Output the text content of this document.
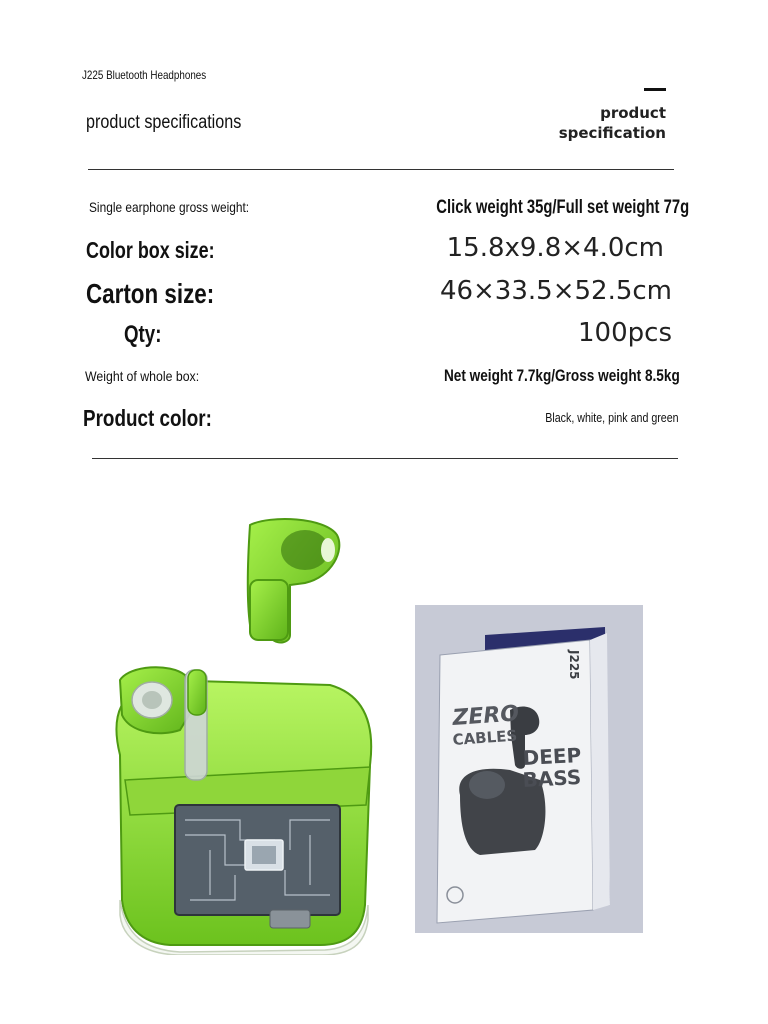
J225 Bluetooth Headphones
product specifications	product
specification
Single earphone gross weight:	Click weight 35g/Full set weight 77g
Color box size:	15.8x9.8×4.0cm
Carton size:	46×33.5×52.5cm
Qty:	100pcs
Weight of whole box:	Net weight 7.7kg/Gross weight 8.5kg
Product color:	Black, white, pink and green
ZERO
CABLES
DEEP
BASS
J225
